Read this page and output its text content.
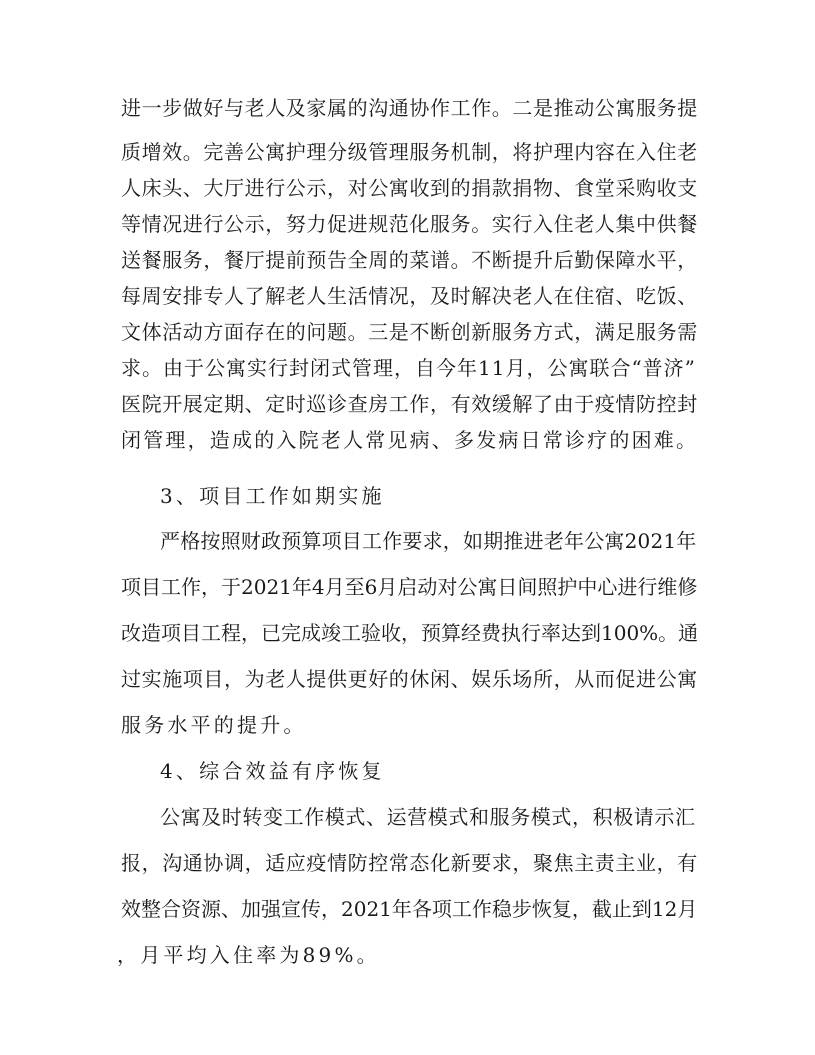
进一步做好与老人及家属的沟通协作工作。二是推动公寓服务提
质增效。完善公寓护理分级管理服务机制，将护理内容在入住老
人床头、大厅进行公示，对公寓收到的捐款捐物、食堂采购收支
等情况进行公示，努力促进规范化服务。实行入住老人集中供餐
送餐服务，餐厅提前预告全周的菜谱。不断提升后勤保障水平，
每周安排专人了解老人生活情况，及时解决老人在住宿、吃饭、
文体活动方面存在的问题。三是不断创新服务方式，满足服务需
求。由于公寓实行封闭式管理，自今年11月，公寓联合“普济”
医院开展定期、定时巡诊查房工作，有效缓解了由于疫情防控封
闭管理，造成的入院老人常见病、多发病日常诊疗的困难。
3、项目工作如期实施
严格按照财政预算项目工作要求，如期推进老年公寓2021年
项目工作，于2021年4月至6月启动对公寓日间照护中心进行维修
改造项目工程，已完成竣工验收，预算经费执行率达到100%。通
过实施项目，为老人提供更好的休闲、娱乐场所，从而促进公寓
服务水平的提升。
4、综合效益有序恢复
公寓及时转变工作模式、运营模式和服务模式，积极请示汇
报，沟通协调，适应疫情防控常态化新要求，聚焦主责主业，有
效整合资源、加强宣传，2021年各项工作稳步恢复，截止到12月
，月平均入住率为89%。
